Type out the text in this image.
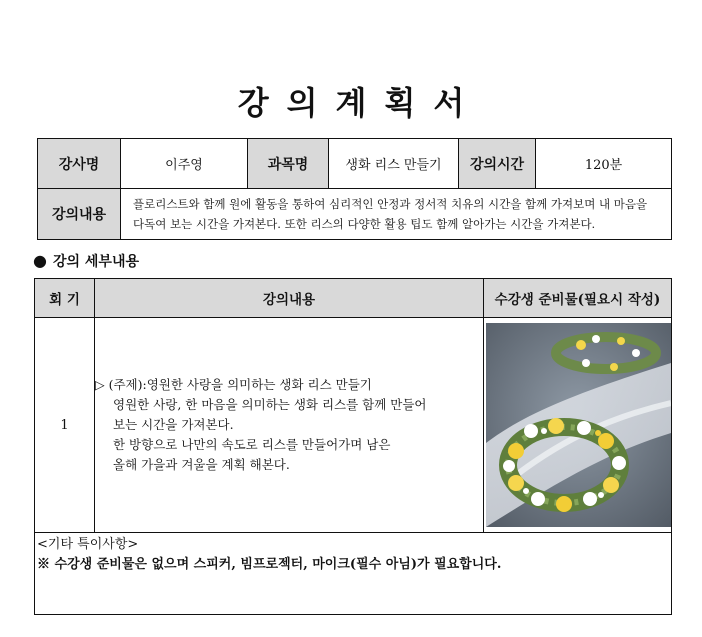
강의계획서
강사명	이주영	과목명	생화 리스 만들기	강의시간	120분
강의내용	플로리스트와 함께 원에 활동을 통하여 심리적인 안정과 정서적 치유의 시간을 함께 가져보며 내 마음을
다독여 보는 시간을 가져본다. 또한 리스의 다양한 활용 팁도 함께 알아가는 시간을 가져본다.				
● 강의 세부내용
회 기	강의내용	수강생 준비물(필요시 작성)
1	▷ (주제):영원한 사랑을 의미하는 생화 리스 만들기
영원한 사랑, 한 마음을 의미하는 생화 리스를 함께 만들어
보는 시간을 가져본다.
한 방향으로 나만의 속도로 리스를 만들어가며 남은
올해 가을과 겨울을 계획 해본다.

<기타 특이사항>
※ 수강생 준비물은 없으며 스피커, 빔프로젝터, 마이크(필수 아님)가 필요합니다.		
